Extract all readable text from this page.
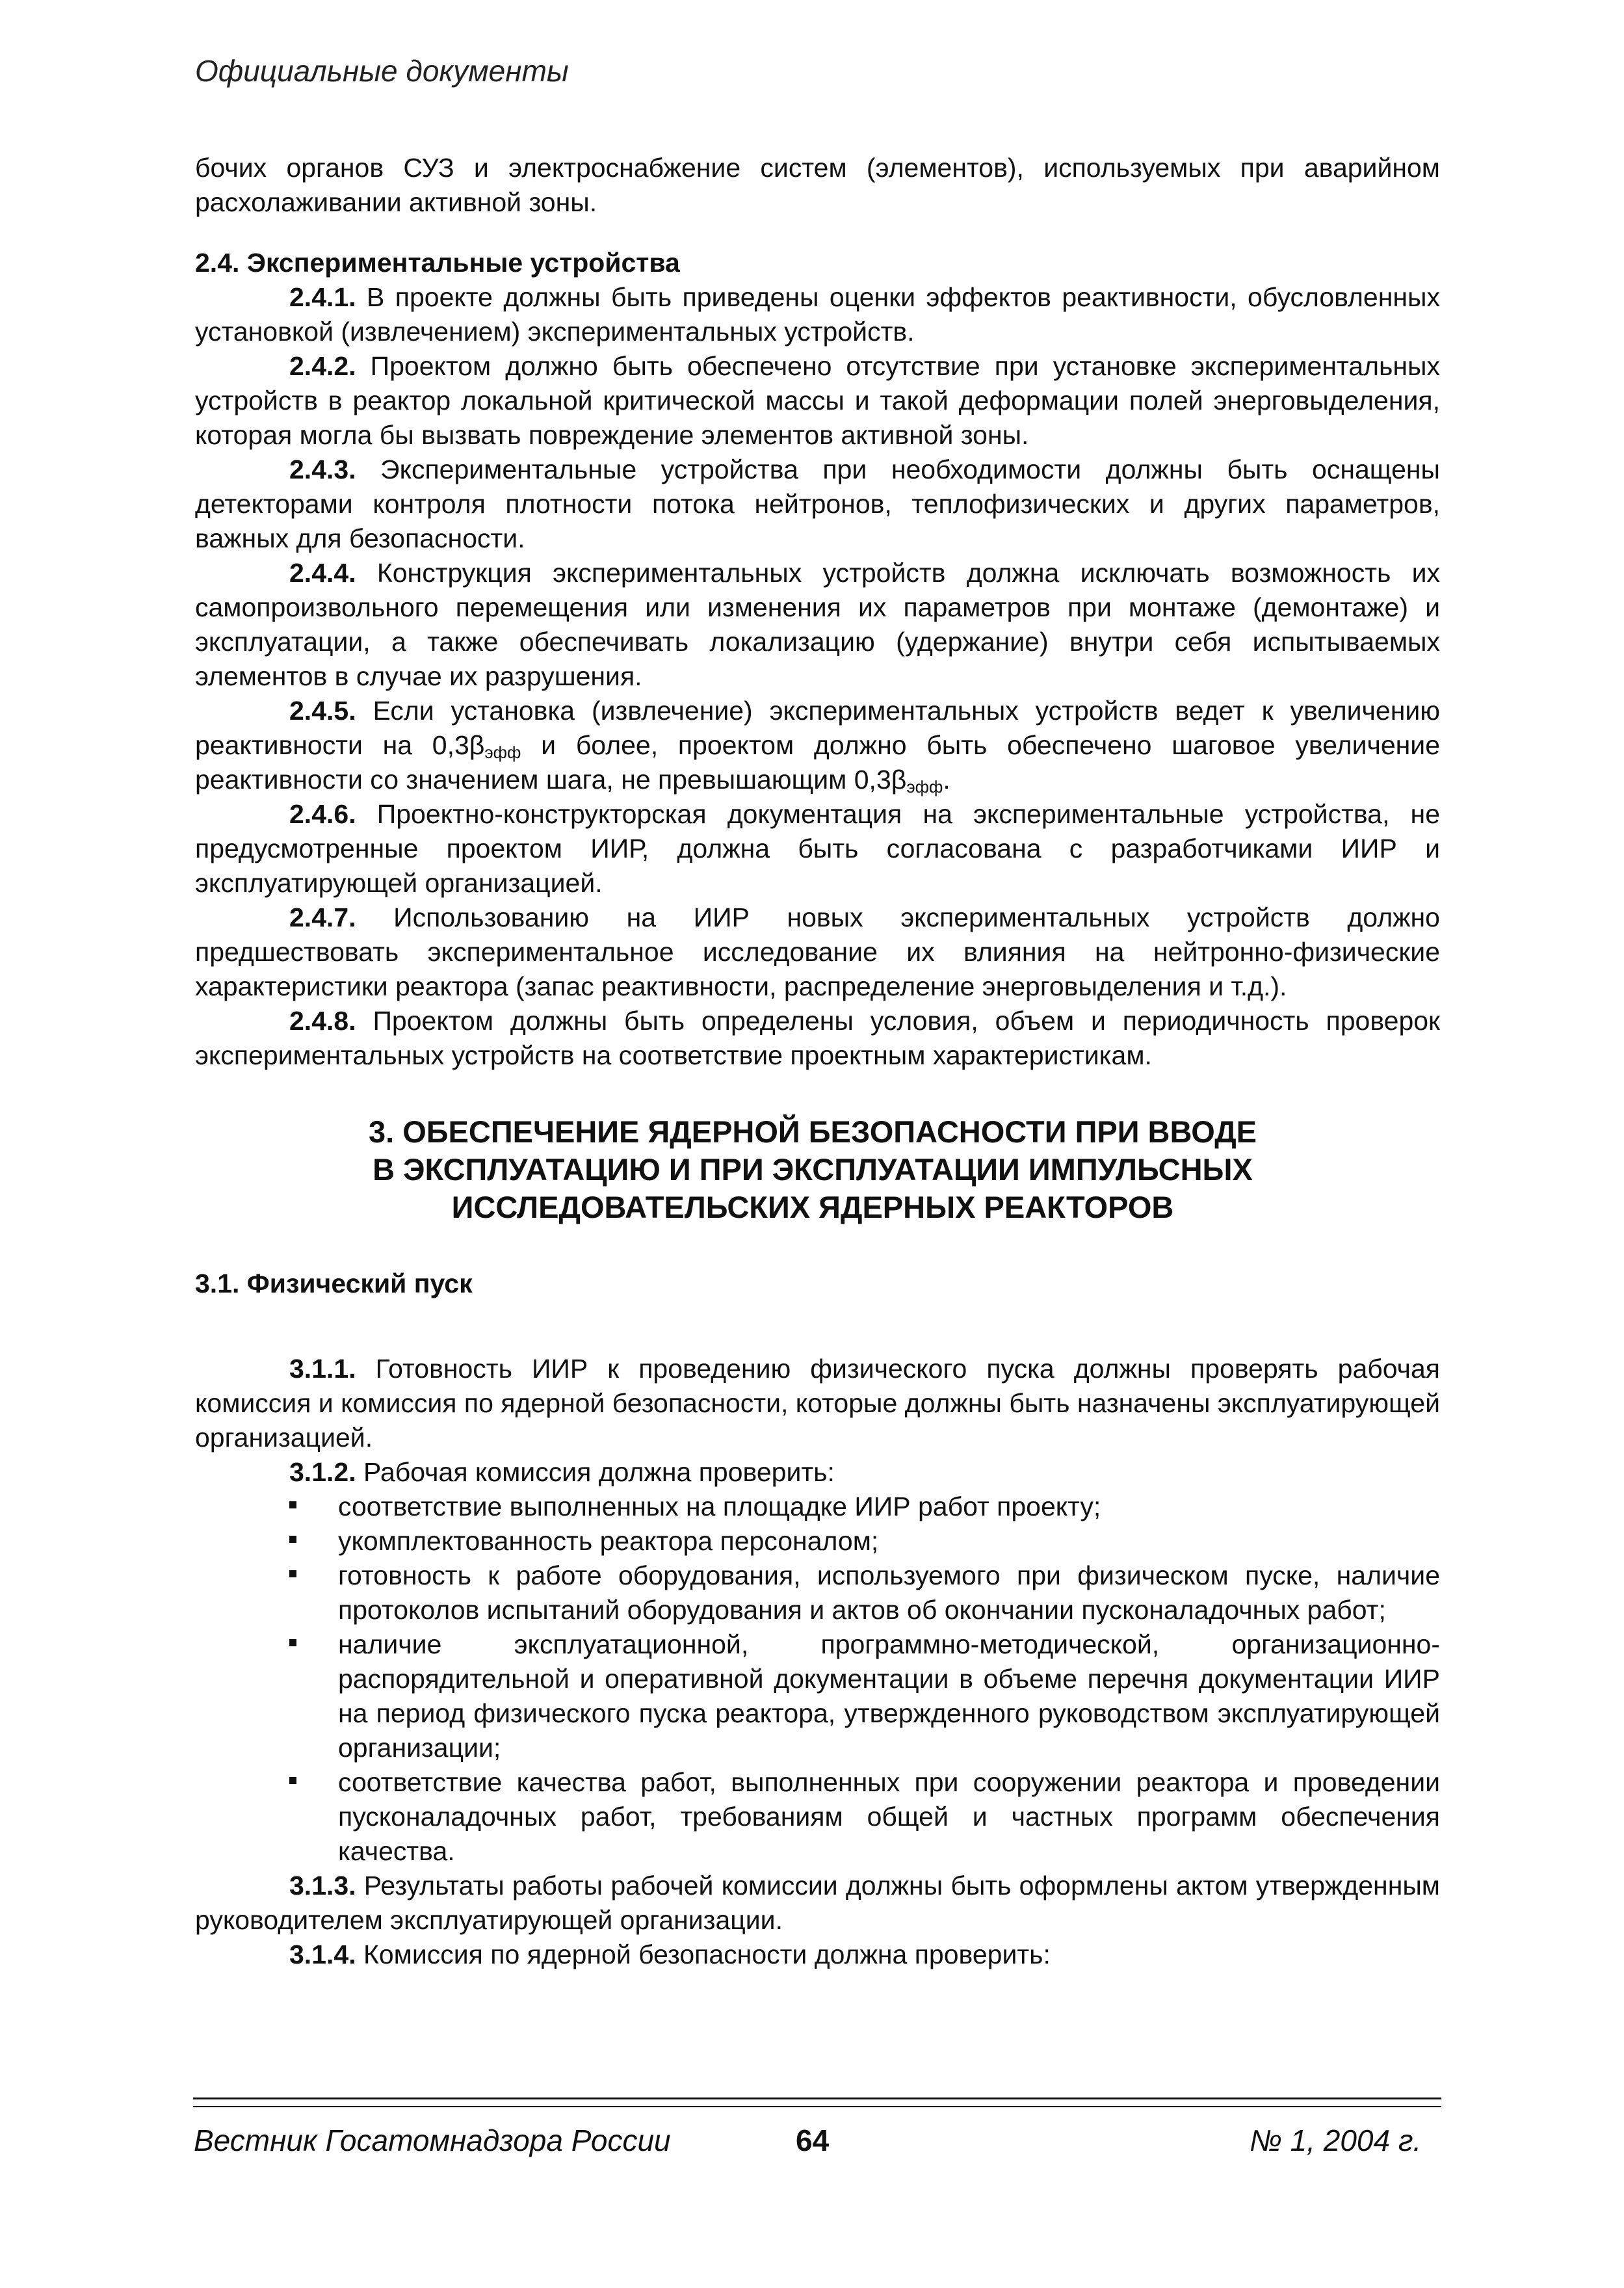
Официальные документы

бочих органов СУЗ и электроснабжение систем (элементов), используемых при аварийном расхолаживании активной зоны.

2.4. Экспериментальные устройства

2.4.1. В проекте должны быть приведены оценки эффектов реактивности, обусловленных установкой (извлечением) экспериментальных устройств.

2.4.2. Проектом должно быть обеспечено отсутствие при установке экспериментальных устройств в реактор локальной критической массы и такой деформации полей энерговыделения, которая могла бы вызвать повреждение элементов активной зоны.

2.4.3. Экспериментальные устройства при необходимости должны быть оснащены детекторами контроля плотности потока нейтронов, теплофизических и других параметров, важных для безопасности.

2.4.4. Конструкция экспериментальных устройств должна исключать возможность их самопроизвольного перемещения или изменения их параметров при монтаже (демонтаже) и эксплуатации, а также обеспечивать локализацию (удержание) внутри себя испытываемых элементов в случае их разрушения.

2.4.5. Если установка (извлечение) экспериментальных устройств ведет к увеличению реактивности на $0,3\beta_{эфф}$ и более, проектом должно быть обеспечено шаговое увеличение реактивности со значением шага, не превышающим $0,3\beta_{эфф}$.

2.4.6. Проектно-конструкторская документация на экспериментальные устройства, не предусмотренные проектом ИИР, должна быть согласована с разработчиками ИИР и эксплуатирующей организацией.

2.4.7. Использованию на ИИР новых экспериментальных устройств должно предшествовать экспериментальное исследование их влияния на нейтронно-физические характеристики реактора (запас реактивности, распределение энерговыделения и т.д.).

2.4.8. Проектом должны быть определены условия, объем и периодичность проверок экспериментальных устройств на соответствие проектным характеристикам.

3. ОБЕСПЕЧЕНИЕ ЯДЕРНОЙ БЕЗОПАСНОСТИ ПРИ ВВОДЕ
В ЭКСПЛУАТАЦИЮ И ПРИ ЭКСПЛУАТАЦИИ ИМПУЛЬСНЫХ
ИССЛЕДОВАТЕЛЬСКИХ ЯДЕРНЫХ РЕАКТОРОВ

3.1. Физический пуск

3.1.1. Готовность ИИР к проведению физического пуска должны проверять рабочая комиссия и комиссия по ядерной безопасности, которые должны быть назначены эксплуатирующей организацией.

3.1.2. Рабочая комиссия должна проверить:

соответствие выполненных на площадке ИИР работ проекту;
укомплектованность реактора персоналом;
готовность к работе оборудования, используемого при физическом пуске, наличие протоколов испытаний оборудования и актов об окончании пусконаладочных работ;
наличие эксплуатационной, программно-методической, организационно-распорядительной и оперативной документации в объеме перечня документации ИИР на период физического пуска реактора, утвержденного руководством эксплуатирующей организации;
соответствие качества работ, выполненных при сооружении реактора и проведении пусконаладочных работ, требованиям общей и частных программ обеспечения качества.

3.1.3. Результаты работы рабочей комиссии должны быть оформлены актом утвержденным руководителем эксплуатирующей организации.

3.1.4. Комиссия по ядерной безопасности должна проверить:

Вестник Госатомнадзора России	64	№ 1, 2004 г.
